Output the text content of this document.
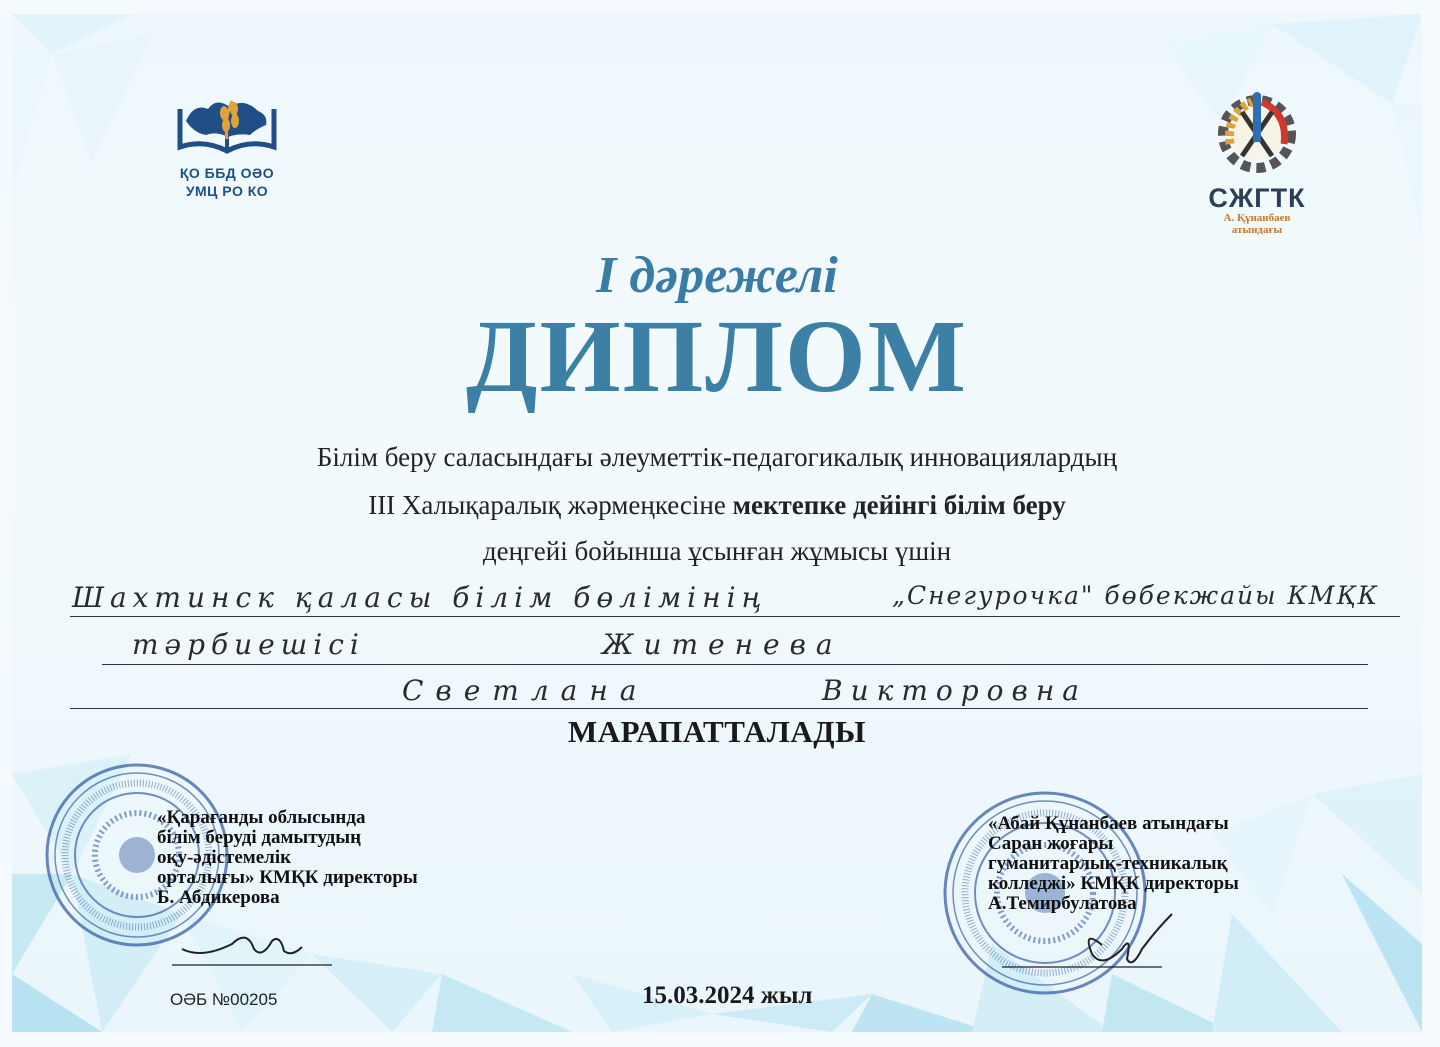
ҚО ББД ОӘО
УМЦ РО КО	СЖГТК
А. Құнанбаев
атындағы
I дәрежелі
ДИПЛОМ
Білім беру саласындағы әлеуметтік-педагогикалық инновациялардың
III Халықаралық жәрмеңкесіне мектепке дейінгі білім беру
деңгейі бойынша ұсынған жұмысы үшін
Шахтинск қаласы білім бөлімінің	„Снегурочка" бөбекжайы КМҚК
тәрбиешісі	Житенева
Светлана	Викторовна
МАРАПАТТАЛАДЫ
«Қарағанды облысында
білім беруді дамытудың
оқу-әдістемелік
орталығы» КМҚК директоры
Б. Абдикерова
«Абай Құнанбаев атындағы
Саран жоғары
гуманитарлық-техникалық
колледжі» КМҚК директоры
А.Темирбулатова
ОӘБ №00205	15.03.2024 жыл
